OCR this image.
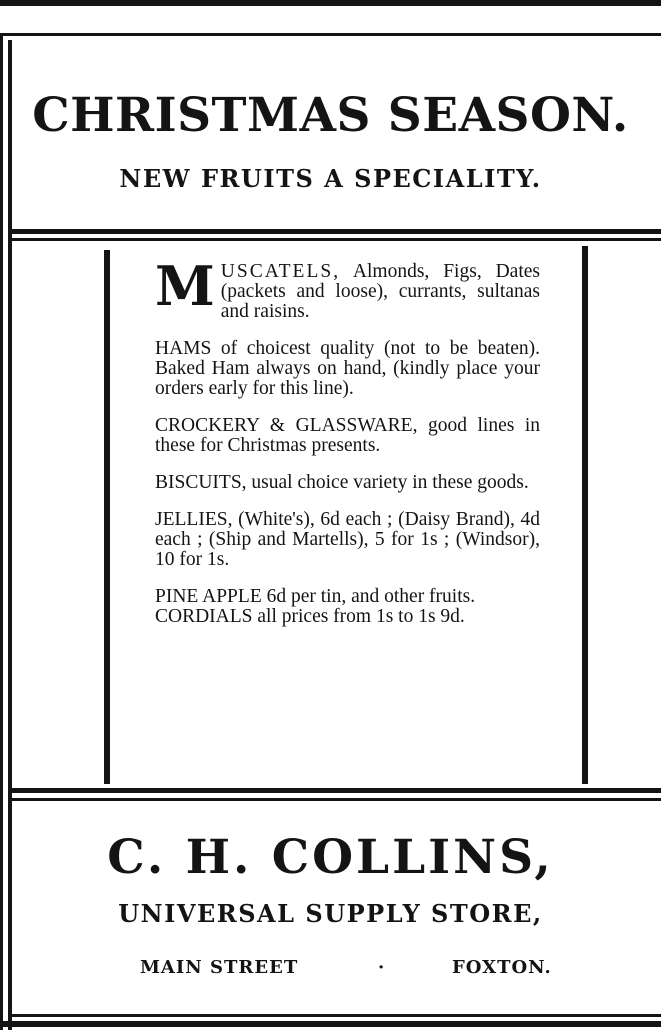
CHRISTMAS SEASON.
NEW FRUITS A SPECIALITY.

MUSCATELS, Almonds, Figs, Dates (packets and loose), currants, sultanas and raisins.

HAMS of choicest quality (not to be beaten). Baked Ham always on hand, (kindly place your orders early for this line).

CROCKERY & GLASSWARE, good lines in these for Christmas presents.

BISCUITS, usual choice variety in these goods.

JELLIES, (White's), 6d each ; (Daisy Brand), 4d each ; (Ship and Martells), 5 for 1s ; (Windsor), 10 for 1s.

PINE APPLE 6d per tin, and other fruits.

CORDIALS all prices from 1s to 1s 9d.

C. H. COLLINS,
UNIVERSAL SUPPLY STORE,
MAIN STREET	·	FOXTON.
